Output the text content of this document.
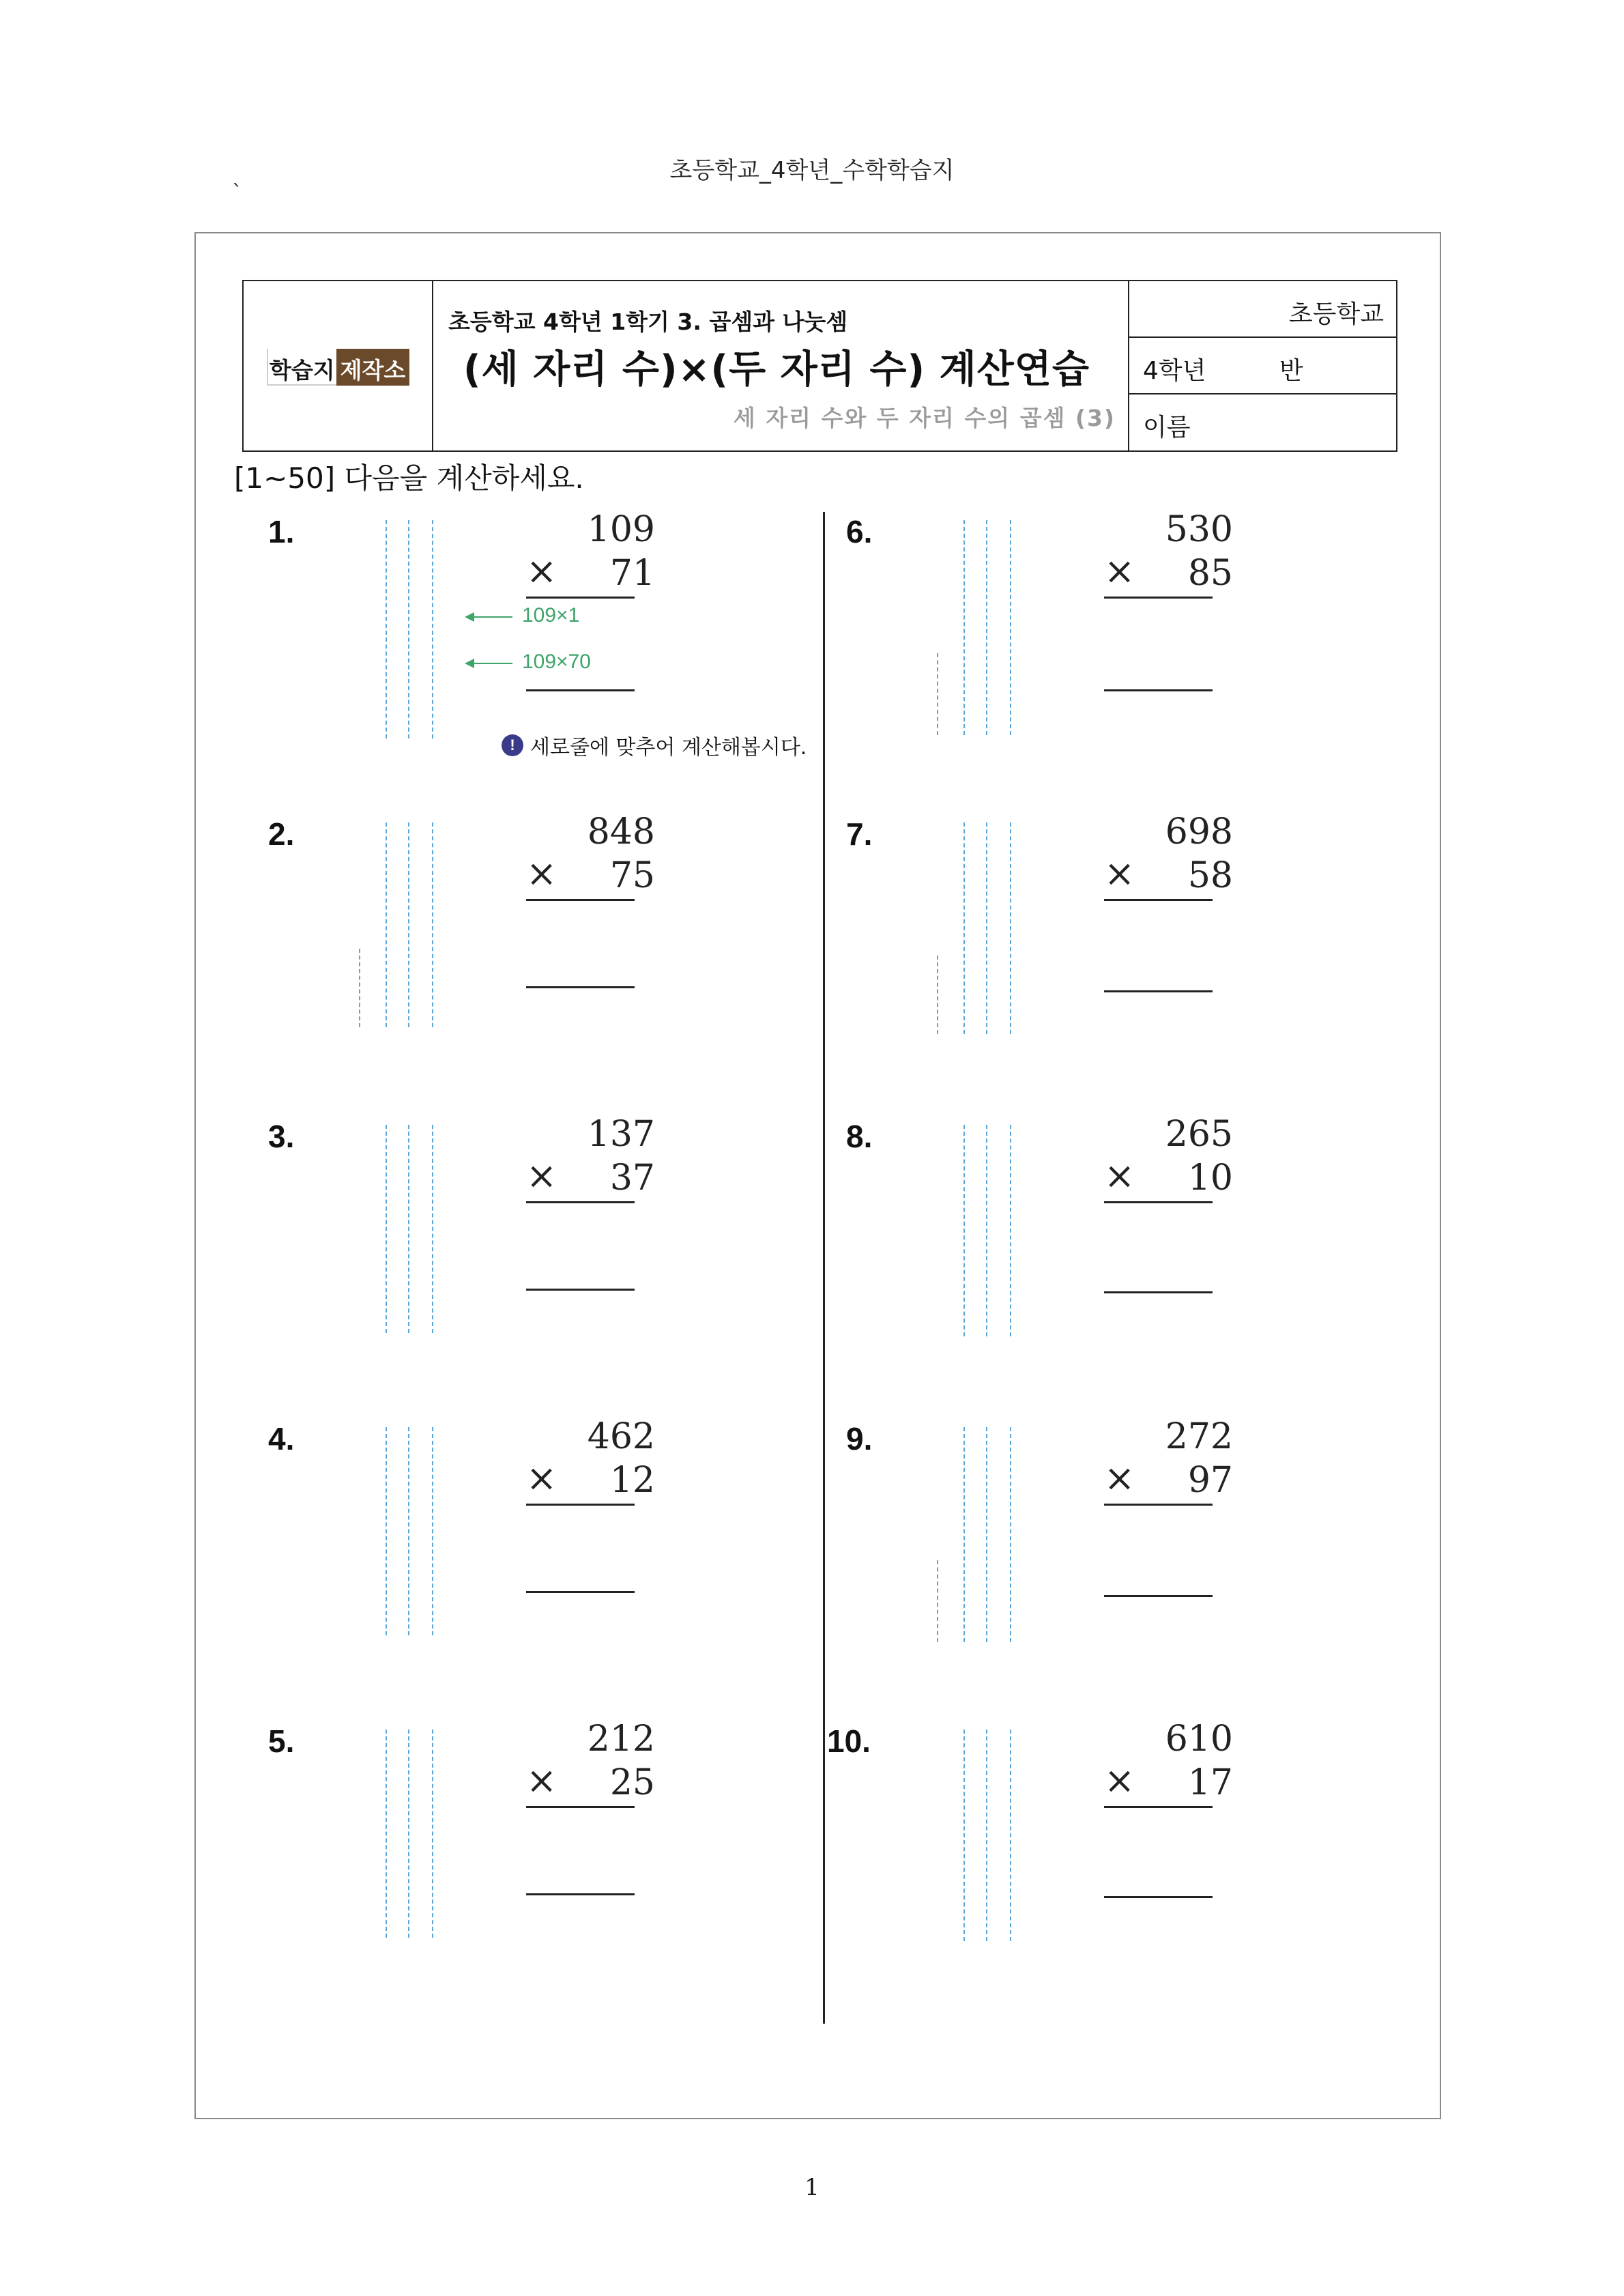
초등학교_4학년_수학학습지
`
학습지 제작소
초등학교 4학년 1학기 3. 곱셈과 나눗셈
(세 자리 수)×(두 자리 수) 계산연습
세 자리 수와 두 자리 수의 곱셈 (3)
초등학교
4학년	반
이름
[1~50] 다음을 계산하세요.
1.	109
×	71
109×1
109×70
! 세로줄에 맞추어 계산해봅시다.
2.	848
×	75
3.	137
×	37
4.	462
×	12
5.	212
×	25
6.	530
×	85
7.	698
×	58
8.	265
×	10
9.	272
×	97
10.	610
×	17
1
